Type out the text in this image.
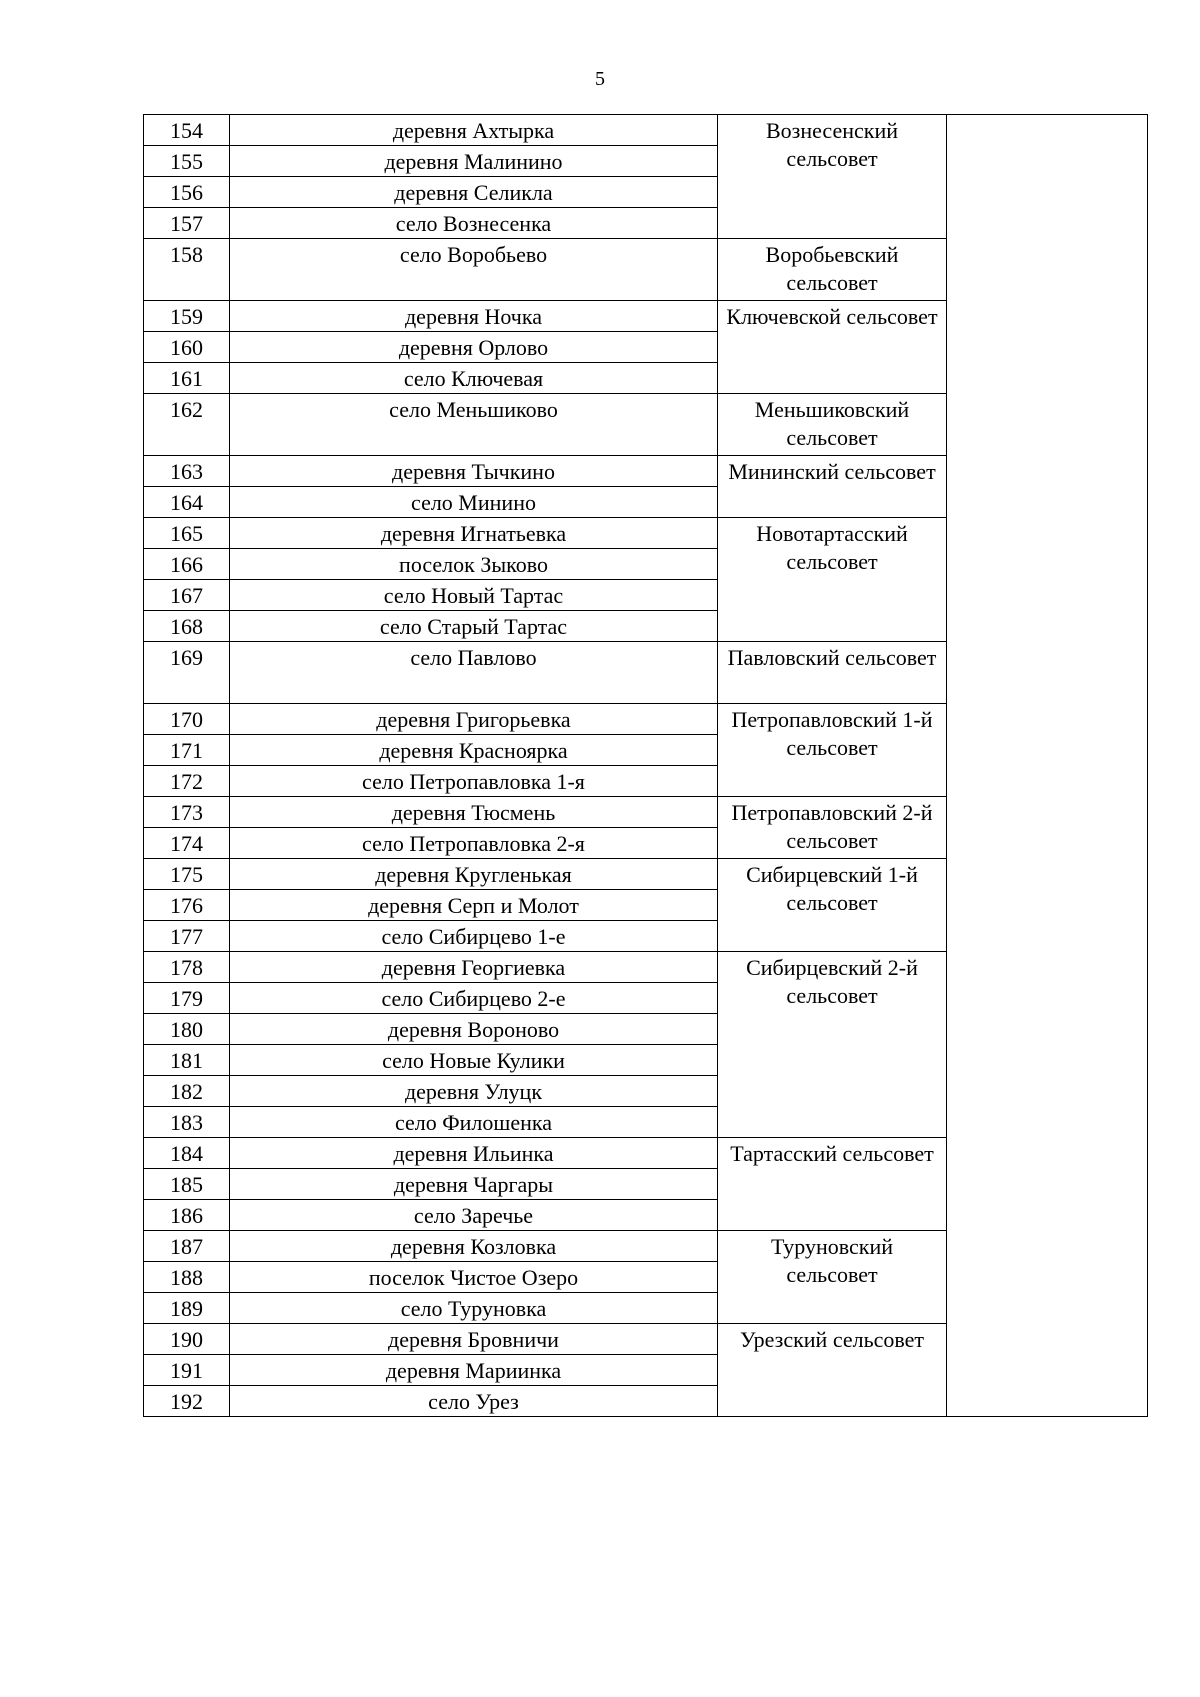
5
154	деревня Ахтырка	Вознесенский сельсовет	
155	деревня Малинино		
156	деревня Селикла		
157	село Вознесенка		
158	село Воробьево	Воробьевский сельсовет	
159	деревня Ночка	Ключевской сельсовет	
160	деревня Орлово		
161	село Ключевая		
162	село Меньшиково	Меньшиковский сельсовет	
163	деревня Тычкино	Мининский сельсовет	
164	село Минино		
165	деревня Игнатьевка	Новотартасский сельсовет	
166	поселок Зыково		
167	село Новый Тартас		
168	село Старый Тартас		
169	село Павлово	Павловский сельсовет	
170	деревня Григорьевка	Петропавловский 1-й сельсовет	
171	деревня Красноярка		
172	село Петропавловка 1-я		
173	деревня Тюсмень	Петропавловский 2-й сельсовет	
174	село Петропавловка 2-я		
175	деревня Кругленькая	Сибирцевский 1-й сельсовет	
176	деревня Серп и Молот		
177	село Сибирцево 1-е		
178	деревня Георгиевка	Сибирцевский 2-й сельсовет	
179	село Сибирцево 2-е		
180	деревня Вороново		
181	село Новые Кулики		
182	деревня Улуцк		
183	село Филошенка		
184	деревня Ильинка	Тартасский сельсовет	
185	деревня Чаргары		
186	село Заречье		
187	деревня Козловка	Туруновский сельсовет	
188	поселок Чистое Озеро		
189	село Туруновка		
190	деревня Бровничи	Урезский сельсовет	
191	деревня Мариинка		
192	село Урез		
